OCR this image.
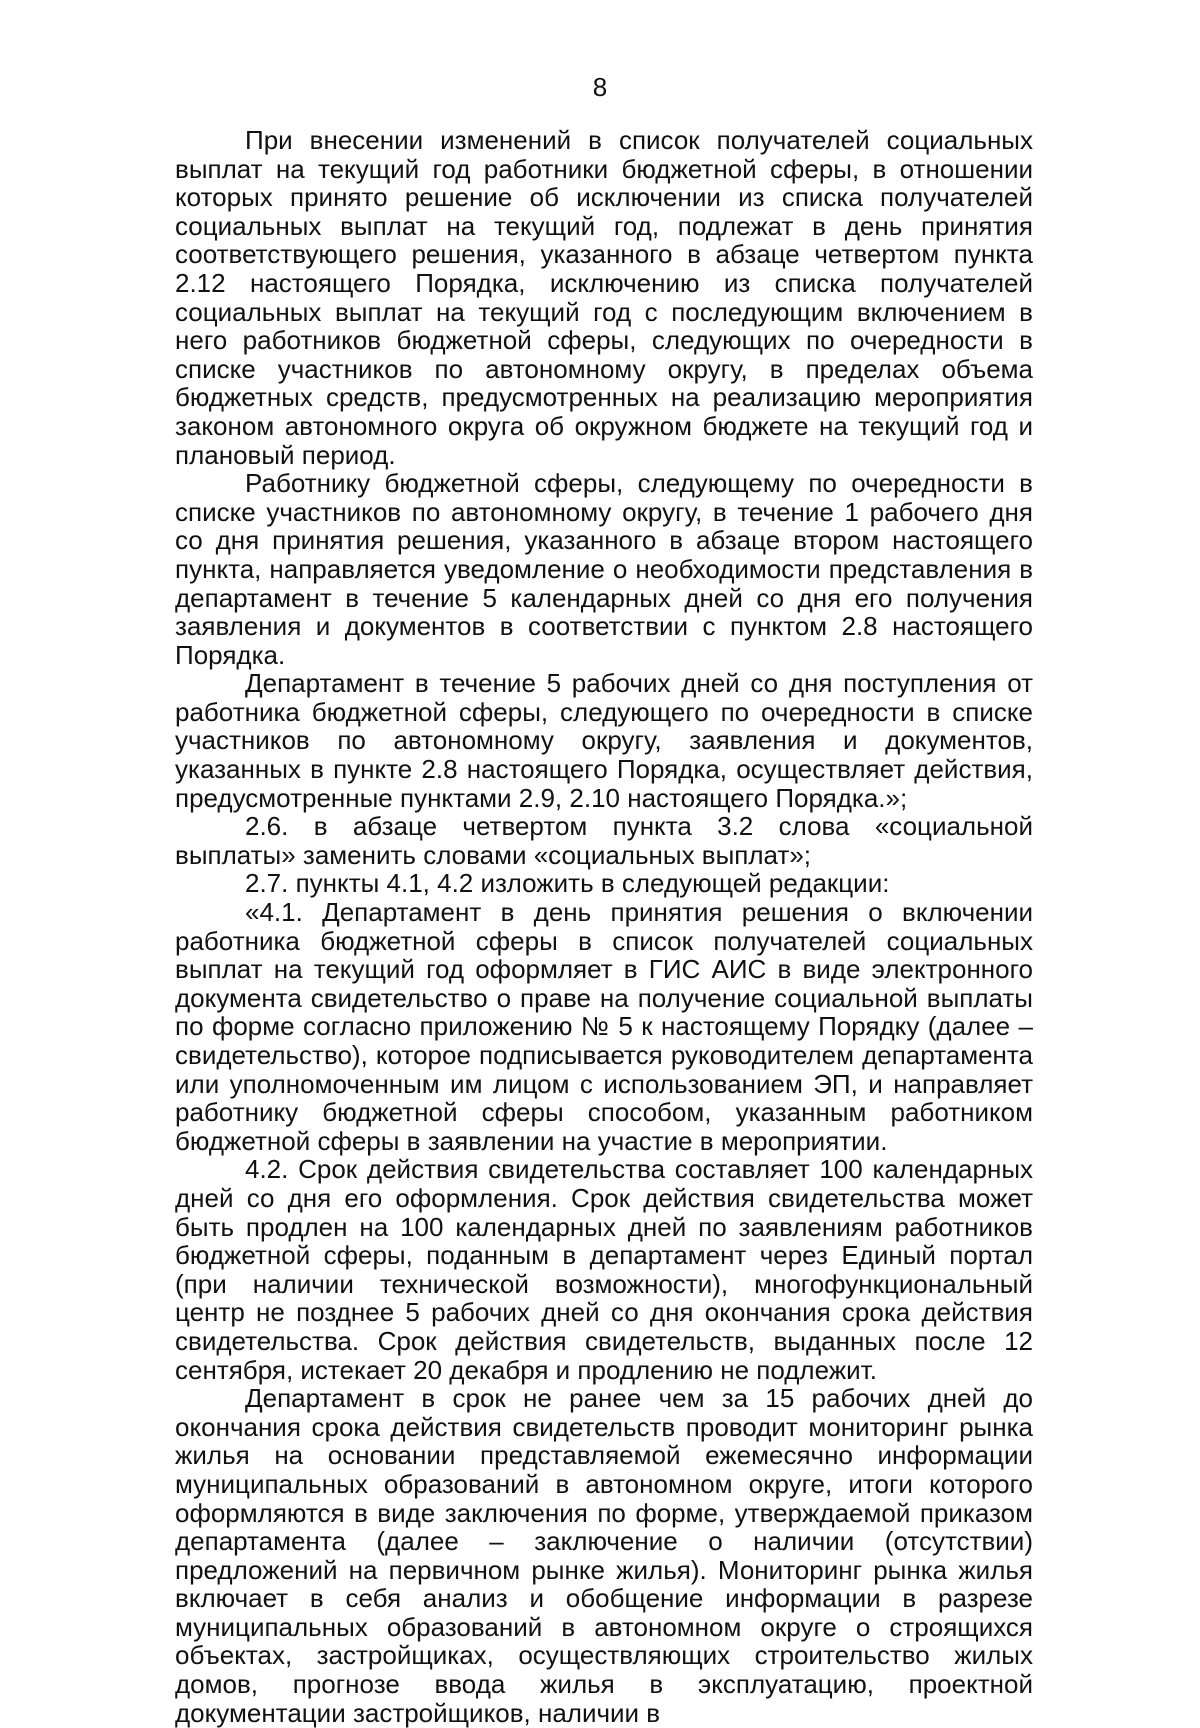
8

При внесении изменений в список получателей социальных выплат на текущий год работники бюджетной сферы, в отношении которых принято решение об исключении из списка получателей социальных выплат на текущий год, подлежат в день принятия соответствующего решения, указанного в абзаце четвертом пункта 2.12 настоящего Порядка, исключению из списка получателей социальных выплат на текущий год с последующим включением в него работников бюджетной сферы, следующих по очередности в списке участников по автономному округу, в пределах объема бюджетных средств, предусмотренных на реализацию мероприятия законом автономного округа об окружном бюджете на текущий год и плановый период.

Работнику бюджетной сферы, следующему по очередности в списке участников по автономному округу, в течение 1 рабочего дня со дня принятия решения, указанного в абзаце втором настоящего пункта, направляется уведомление о необходимости представления в департамент в течение 5 календарных дней со дня его получения заявления и документов в соответствии с пунктом 2.8 настоящего Порядка.

Департамент в течение 5 рабочих дней со дня поступления от работника бюджетной сферы, следующего по очередности в списке участников по автономному округу, заявления и документов, указанных в пункте 2.8 настоящего Порядка, осуществляет действия, предусмотренные пунктами 2.9, 2.10 настоящего Порядка.»;

2.6. в абзаце четвертом пункта 3.2 слова «социальной выплаты» заменить словами «социальных выплат»;

2.7. пункты 4.1, 4.2 изложить в следующей редакции:

«4.1. Департамент в день принятия решения о включении работника бюджетной сферы в список получателей социальных выплат на текущий год оформляет в ГИС АИС в виде электронного документа свидетельство о праве на получение социальной выплаты по форме согласно приложению № 5 к настоящему Порядку (далее – свидетельство), которое подписывается руководителем департамента или уполномоченным им лицом с использованием ЭП, и направляет работнику бюджетной сферы способом, указанным работником бюджетной сферы в заявлении на участие в мероприятии.

4.2. Срок действия свидетельства составляет 100 календарных дней со дня его оформления. Срок действия свидетельства может быть продлен на 100 календарных дней по заявлениям работников бюджетной сферы, поданным в департамент через Единый портал (при наличии технической возможности), многофункциональный центр не позднее 5 рабочих дней со дня окончания срока действия свидетельства. Срок действия свидетельств, выданных после 12 сентября, истекает 20 декабря и продлению не подлежит.

Департамент в срок не ранее чем за 15 рабочих дней до окончания срока действия свидетельств проводит мониторинг рынка жилья на основании представляемой ежемесячно информации муниципальных образований в автономном округе, итоги которого оформляются в виде заключения по форме, утверждаемой приказом департамента (далее – заключение о наличии (отсутствии) предложений на первичном рынке жилья). Мониторинг рынка жилья включает в себя анализ и обобщение информации в разрезе муниципальных образований в автономном округе о строящихся объектах, застройщиках, осуществляющих строительство жилых домов, прогнозе ввода жилья в эксплуатацию, проектной документации застройщиков, наличии в
